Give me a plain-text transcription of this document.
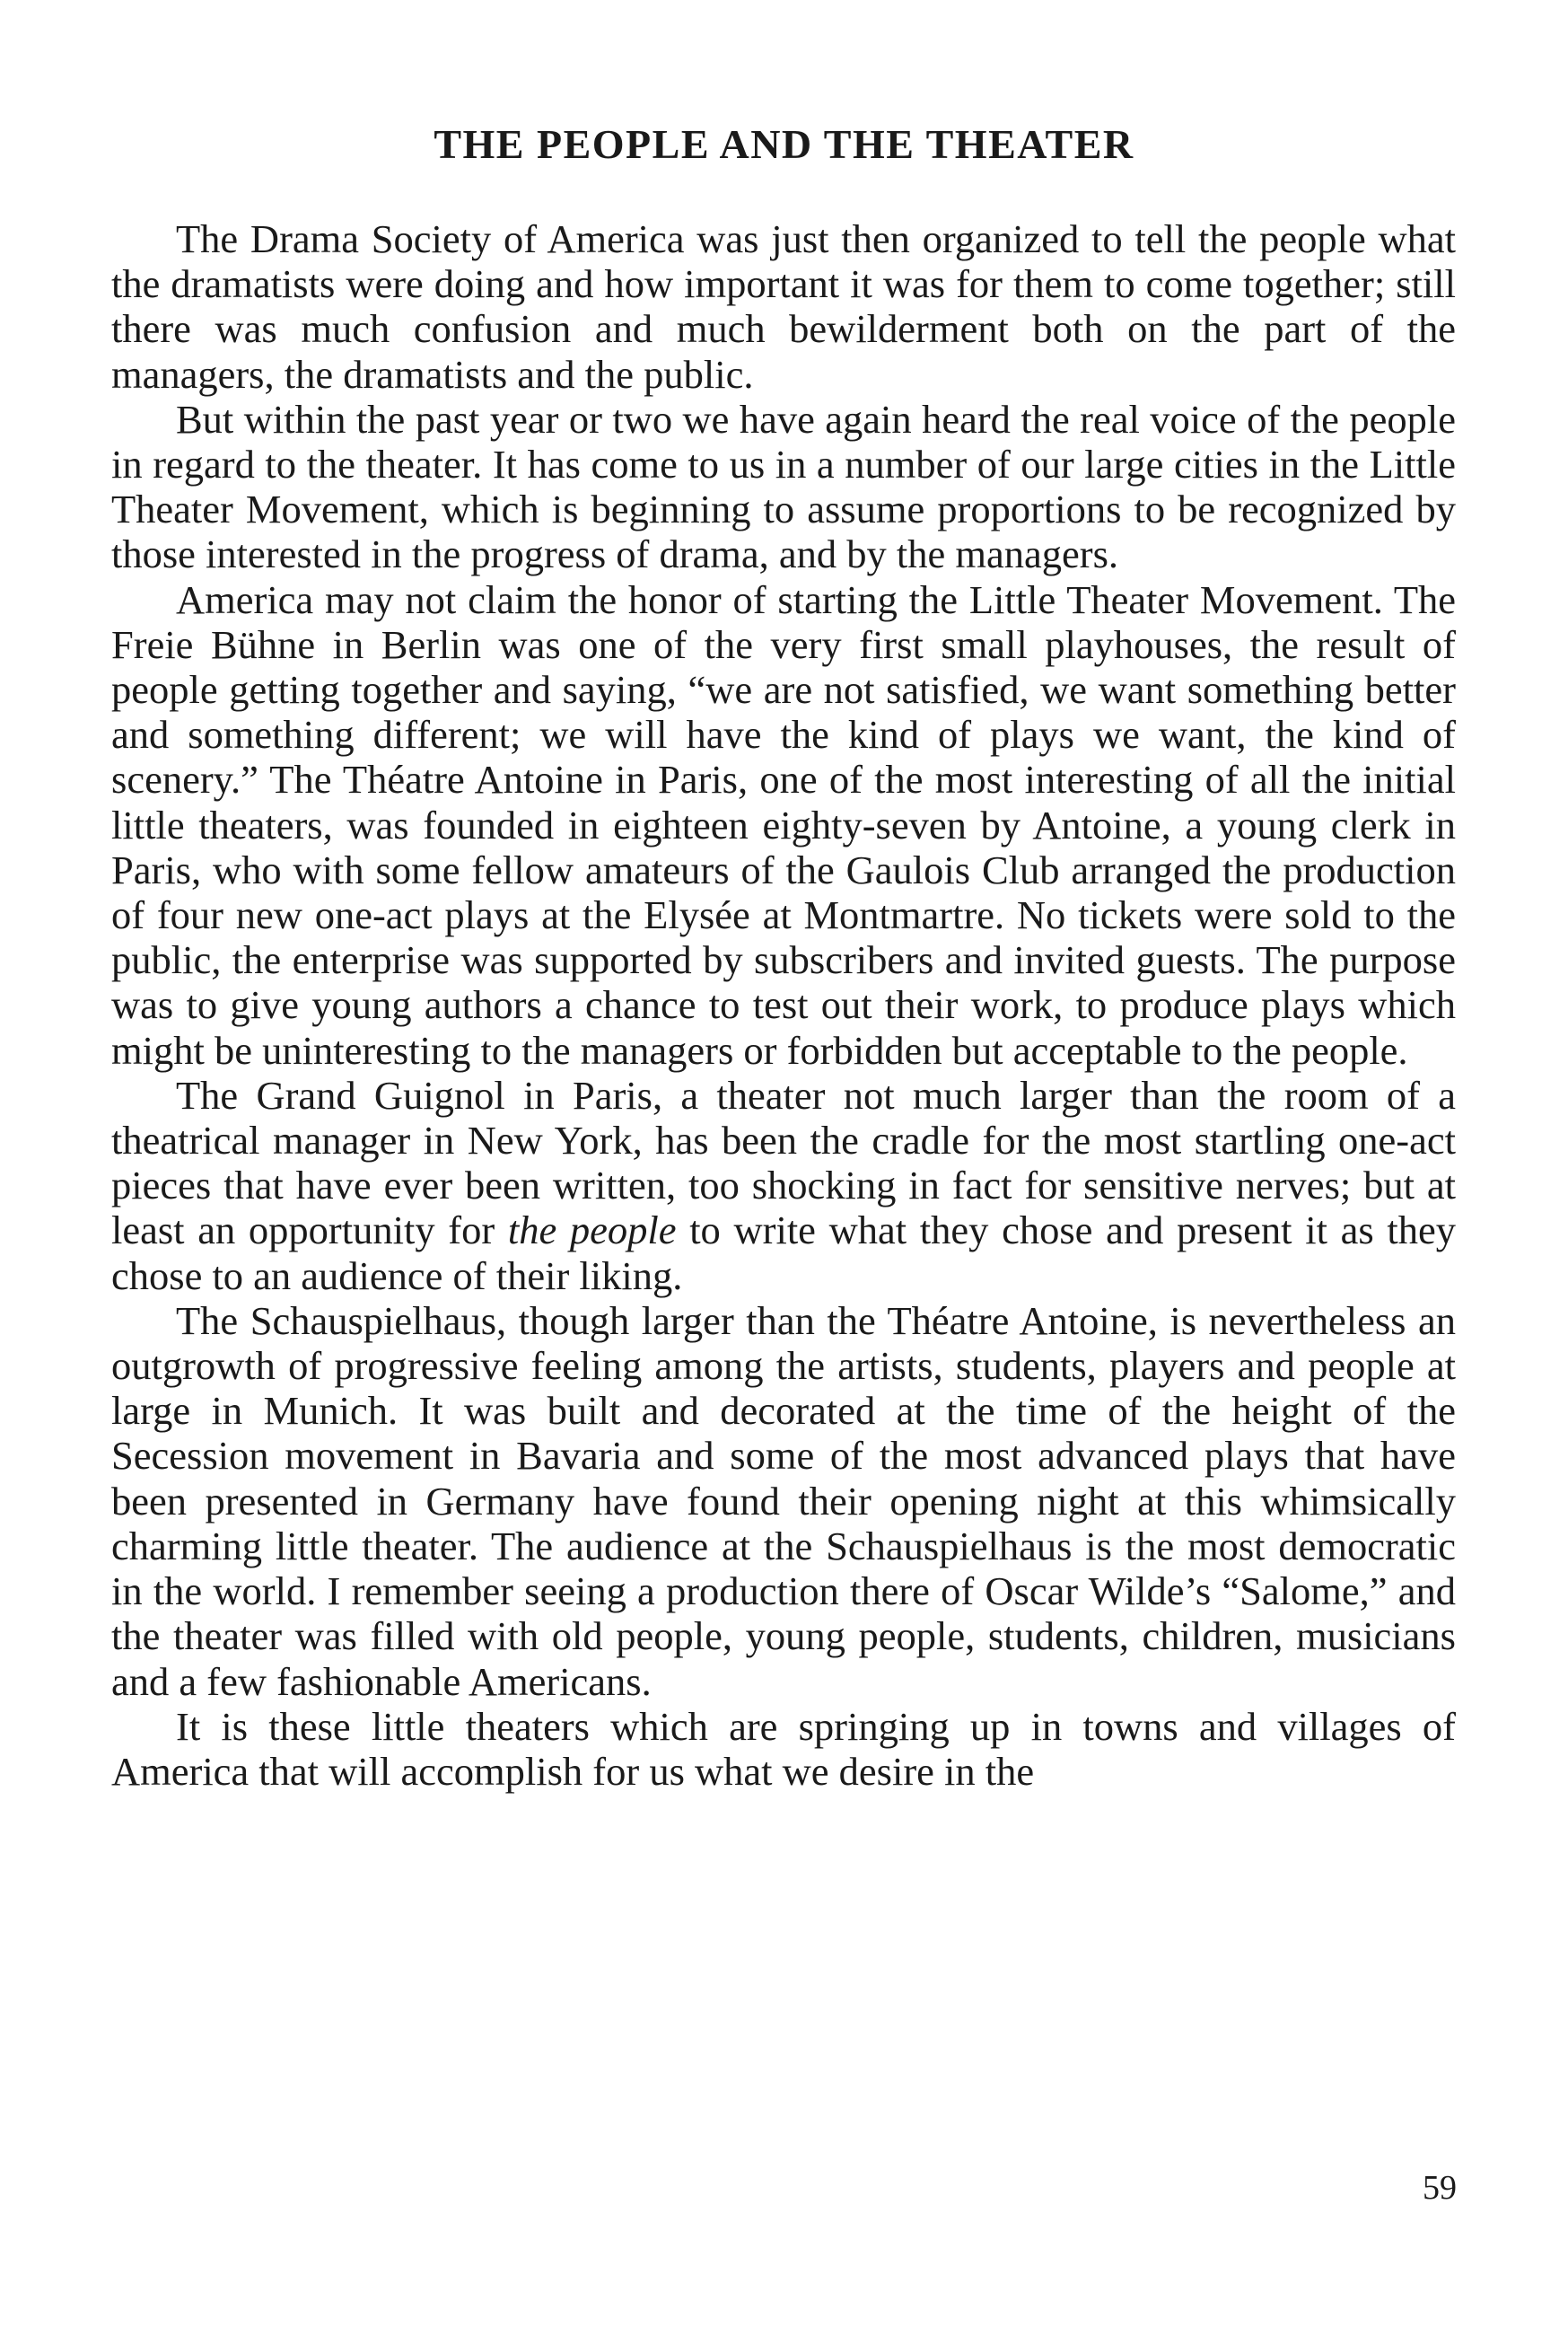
THE PEOPLE AND THE THEATER

The Drama Society of America was just then organized to tell the people what the dramatists were doing and how important it was for them to come together; still there was much confusion and much bewilderment both on the part of the managers, the dramatists and the public.

But within the past year or two we have again heard the real voice of the people in regard to the theater. It has come to us in a number of our large cities in the Little Theater Movement, which is beginning to assume proportions to be recognized by those interested in the progress of drama, and by the managers.

America may not claim the honor of starting the Little Theater Movement. The Freie Bühne in Berlin was one of the very first small playhouses, the result of people getting together and saying, “we are not satisfied, we want something better and something different; we will have the kind of plays we want, the kind of scenery.” The Théatre Antoine in Paris, one of the most interesting of all the initial little theaters, was founded in eighteen eighty-seven by Antoine, a young clerk in Paris, who with some fellow amateurs of the Gaulois Club arranged the production of four new one-act plays at the Elysée at Montmartre. No tickets were sold to the public, the enterprise was supported by subscribers and invited guests. The purpose was to give young authors a chance to test out their work, to produce plays which might be uninteresting to the managers or forbidden but acceptable to the people.

The Grand Guignol in Paris, a theater not much larger than the room of a theatrical manager in New York, has been the cradle for the most startling one-act pieces that have ever been written, too shocking in fact for sensitive nerves; but at least an opportunity for the people to write what they chose and present it as they chose to an audience of their liking.

The Schauspielhaus, though larger than the Théatre Antoine, is nevertheless an outgrowth of progressive feeling among the artists, students, players and people at large in Munich. It was built and decorated at the time of the height of the Secession movement in Bavaria and some of the most advanced plays that have been presented in Germany have found their opening night at this whimsically charming little theater. The audience at the Schauspielhaus is the most democratic in the world. I remember seeing a production there of Oscar Wilde’s “Salome,” and the theater was filled with old people, young people, students, children, musicians and a few fashionable Americans.

It is these little theaters which are springing up in towns and villages of America that will accomplish for us what we desire in the

59
